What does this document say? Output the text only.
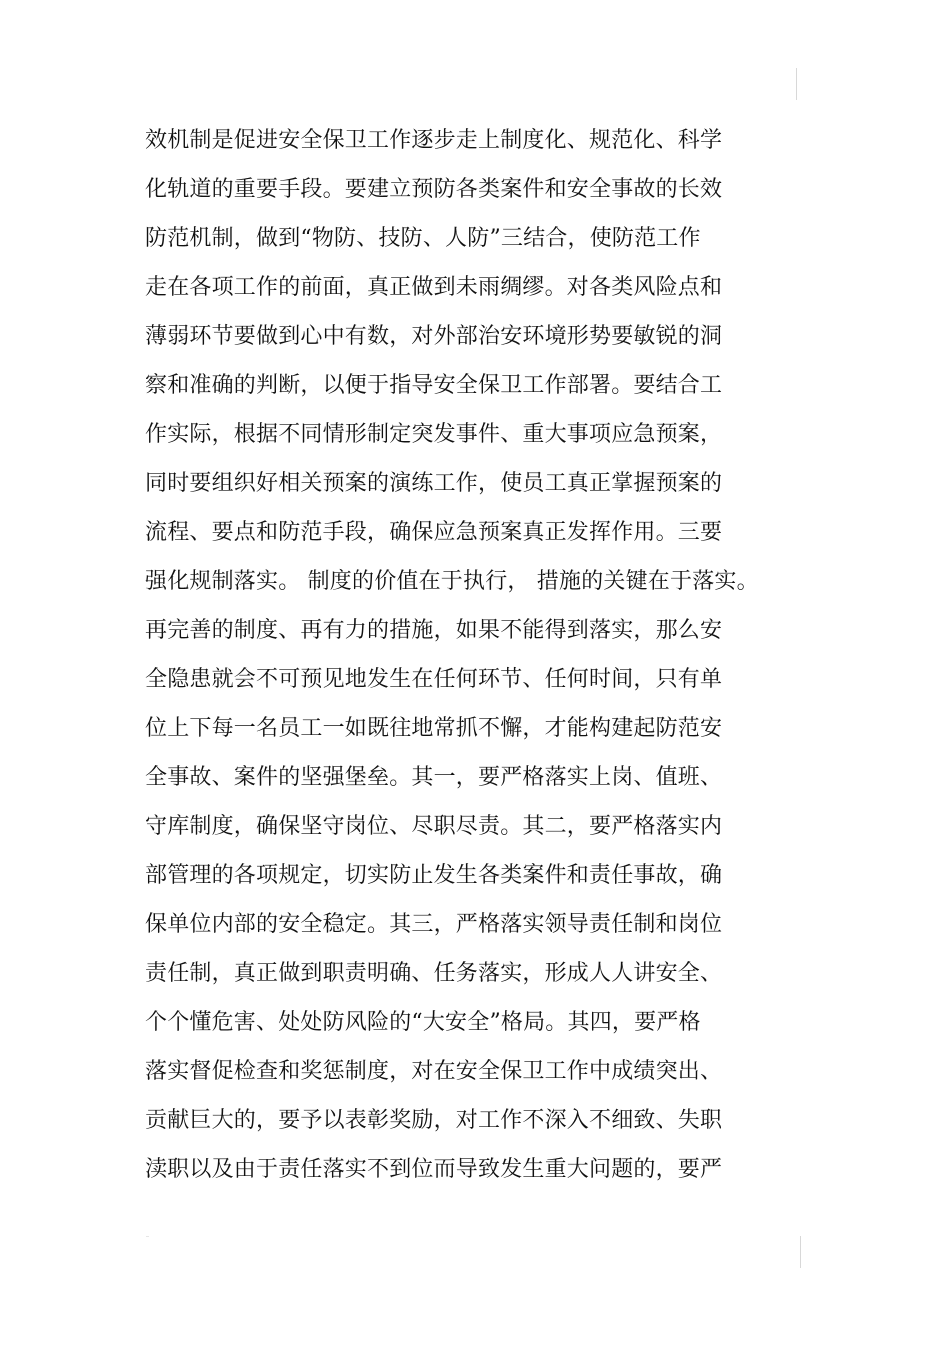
效机制是促进安全保卫工作逐步走上制度化、规范化、科学
化轨道的重要手段。要建立预防各类案件和安全事故的长效
防范机制，做到“物防、技防、人防”三结合，使防范工作
走在各项工作的前面，真正做到未雨绸缪。对各类风险点和
薄弱环节要做到心中有数，对外部治安环境形势要敏锐的洞
察和准确的判断，以便于指导安全保卫工作部署。要结合工
作实际，根据不同情形制定突发事件、重大事项应急预案，
同时要组织好相关预案的演练工作，使员工真正掌握预案的
流程、要点和防范手段，确保应急预案真正发挥作用。三要
强化规制落实。 制度的价值在于执行， 措施的关键在于落实。
再完善的制度、再有力的措施，如果不能得到落实，那么安
全隐患就会不可预见地发生在任何环节、任何时间，只有单
位上下每一名员工一如既往地常抓不懈，才能构建起防范安
全事故、案件的坚强堡垒。其一，要严格落实上岗、值班、
守库制度，确保坚守岗位、尽职尽责。其二，要严格落实内
部管理的各项规定，切实防止发生各类案件和责任事故，确
保单位内部的安全稳定。其三，严格落实领导责任制和岗位
责任制，真正做到职责明确、任务落实，形成人人讲安全、
个个懂危害、处处防风险的“大安全”格局。其四，要严格
落实督促检查和奖惩制度，对在安全保卫工作中成绩突出、
贡献巨大的，要予以表彰奖励，对工作不深入不细致、失职
渎职以及由于责任落实不到位而导致发生重大问题的，要严
